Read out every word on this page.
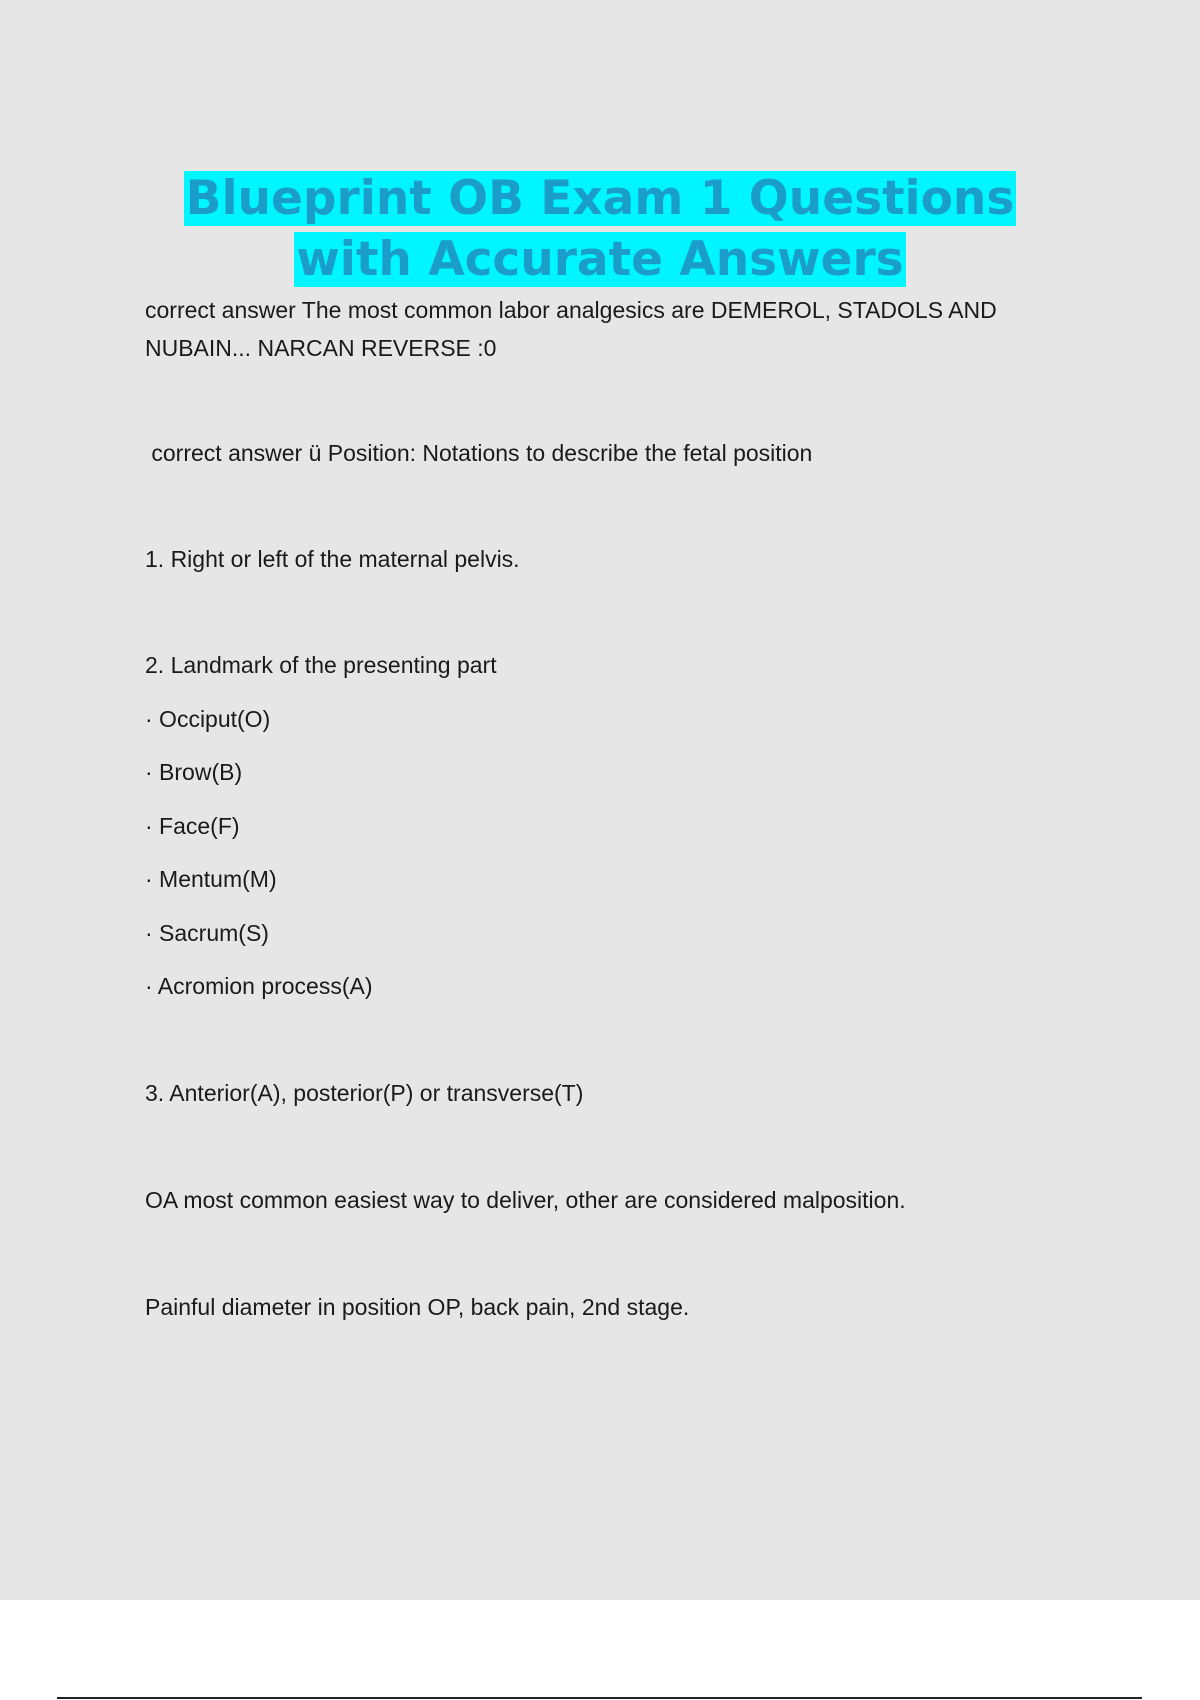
Blueprint OB Exam 1 Questions
with Accurate Answers

correct answer The most common labor analgesics are DEMEROL, STADOLS AND NUBAIN... NARCAN REVERSE :0

correct answer ü Position: Notations to describe the fetal position
1. Right or left of the maternal pelvis.
2. Landmark of the presenting part
· Occiput(O)
· Brow(B)
· Face(F)
· Mentum(M)
· Sacrum(S)
· Acromion process(A)
3. Anterior(A), posterior(P) or transverse(T)
OA most common easiest way to deliver, other are considered malposition.
Painful diameter in position OP, back pain, 2nd stage.
